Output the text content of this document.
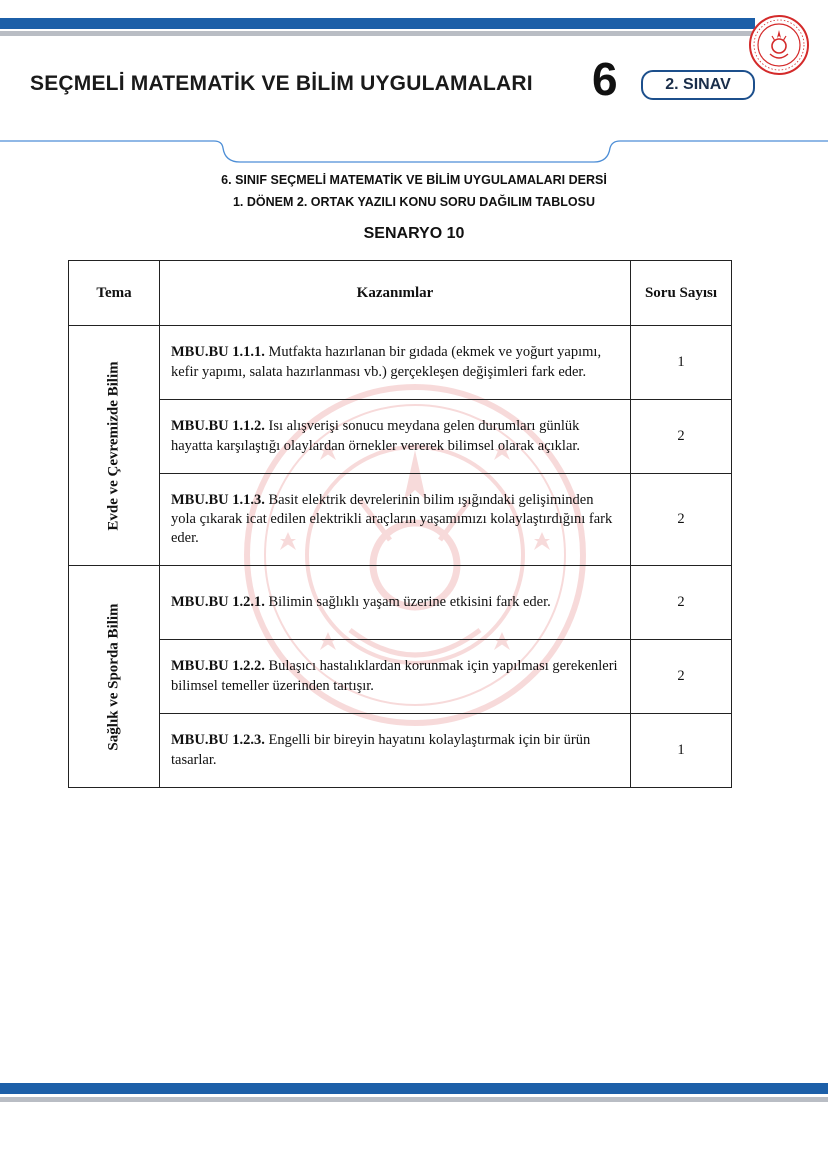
SEÇMELİ MATEMATİK VE BİLİM UYGULAMALARI 6	2. SINAV
6. SINIF SEÇMELİ MATEMATİK VE BİLİM UYGULAMALARI DERSİ
1. DÖNEM 2. ORTAK YAZILI KONU SORU DAĞILIM TABLOSU
SENARYO 10
Tema	Kazanımlar	Soru Sayısı

Evde ve Çevremizde Bilim	MBU.BU 1.1.1. Mutfakta hazırlanan bir gıdada (ekmek ve yoğurt yapımı, kefir yapımı, salata hazırlanması vb.) gerçekleşen değişimleri fark eder.	1
	MBU.BU 1.1.2. Isı alışverişi sonucu meydana gelen durumları günlük hayatta karşılaştığı olaylardan örnekler vererek bilimsel olarak açıklar.	2
	MBU.BU 1.1.3. Basit elektrik devrelerinin bilim ışığındaki gelişiminden yola çıkarak icat edilen elektrikli araçların yaşamımızı kolaylaştırdığını fark eder.	2

Sağlık ve Sporda Bilim	MBU.BU 1.2.1. Bilimin sağlıklı yaşam üzerine etkisini fark eder.	2
	MBU.BU 1.2.2. Bulaşıcı hastalıklardan korunmak için yapılması gerekenleri bilimsel temeller üzerinden tartışır.	2
	MBU.BU 1.2.3. Engelli bir bireyin hayatını kolaylaştırmak için bir ürün tasarlar.	1
